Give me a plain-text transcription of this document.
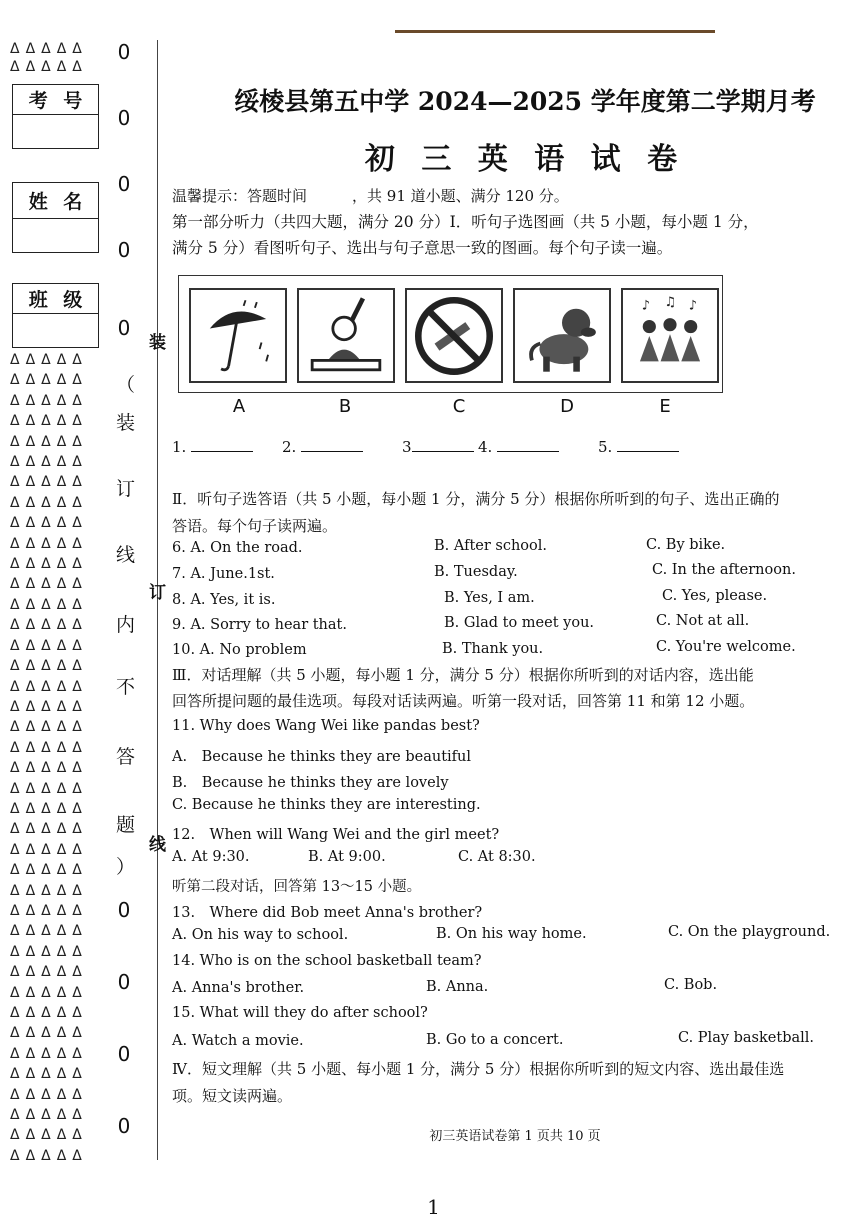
ΔΔΔΔΔ
ΔΔΔΔΔ
考 号
姓 名
班 级
ΔΔΔΔΔ
ΔΔΔΔΔ
ΔΔΔΔΔ
ΔΔΔΔΔ
ΔΔΔΔΔ
ΔΔΔΔΔ
ΔΔΔΔΔ
ΔΔΔΔΔ
ΔΔΔΔΔ
ΔΔΔΔΔ
ΔΔΔΔΔ
ΔΔΔΔΔ
ΔΔΔΔΔ
ΔΔΔΔΔ
ΔΔΔΔΔ
ΔΔΔΔΔ
ΔΔΔΔΔ
ΔΔΔΔΔ
ΔΔΔΔΔ
ΔΔΔΔΔ
ΔΔΔΔΔ
ΔΔΔΔΔ
ΔΔΔΔΔ
ΔΔΔΔΔ
ΔΔΔΔΔ
ΔΔΔΔΔ
ΔΔΔΔΔ
ΔΔΔΔΔ
ΔΔΔΔΔ
ΔΔΔΔΔ
ΔΔΔΔΔ
ΔΔΔΔΔ
ΔΔΔΔΔ
ΔΔΔΔΔ
ΔΔΔΔΔ
ΔΔΔΔΔ
ΔΔΔΔΔ
ΔΔΔΔΔ
ΔΔΔΔΔ
ΔΔΔΔΔ
0
0
0
0
0
（
装
订
线
内
不
答
题
）
0
0
0
0
装
订
线
绥棱县第五中学 2024—2025 学年度第二学期月考
初 三 英 语 试 卷
温馨提示：答题时间　　　，共 91 道小题、满分 120 分。
第一部分听力（共四大题，满分 20 分）Ⅰ．听句子选图画（共 5 小题，每小题 1 分，
满分 5 分）看图听句子、选出与句子意思一致的图画。每个句子读一遍。
♪ ♫ ♪
A	B	C	D	E
1.	2.	3	4.	5.
Ⅱ．听句子选答语（共 5 小题，每小题 1 分，满分 5 分）根据你所听到的句子、选出正确的
答语。每个句子读两遍。
6. A. On the road.	B. After school.	C. By bike.
7. A. June.1st.	B. Tuesday.	C. In the afternoon.
8. A. Yes, it is.	B. Yes, I am.	C. Yes, please.
9. A. Sorry to hear that.	B. Glad to meet you.	C. Not at all.
10. A. No problem	B. Thank you.	C. You're welcome.
Ⅲ．对话理解（共 5 小题，每小题 1 分，满分 5 分）根据你所听到的对话内容，选出能
回答所提问题的最佳选项。每段对话读两遍。听第一段对话，回答第 11 和第 12 小题。
11. Why does Wang Wei like pandas best?
A.　Because he thinks they are beautiful
B.　Because he thinks they are lovely
C. Because he thinks they are interesting.
12.　When will Wang Wei and the girl meet?
A. At 9:30.	B. At 9:00.	C. At 8:30.
听第二段对话，回答第 13～15 小题。
13.　Where did Bob meet Anna's brother?
A. On his way to school.	B. On his way home.	C. On the playground.
14. Who is on the school basketball team?
A. Anna's brother.	B. Anna.	C. Bob.
15. What will they do after school?
A. Watch a movie.	B. Go to a concert.	C. Play basketball.
Ⅳ．短文理解（共 5 小题、每小题 1 分，满分 5 分）根据你所听到的短文内容、选出最佳选
项。短文读两遍。
初三英语试卷第 1 页共 10 页
1
